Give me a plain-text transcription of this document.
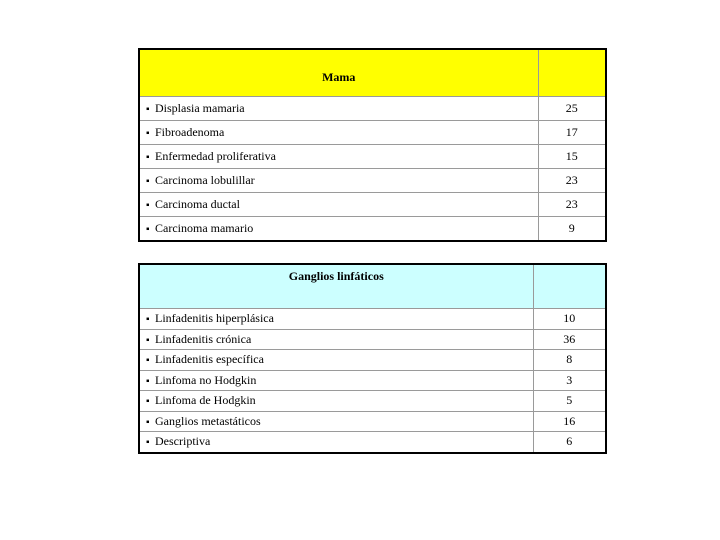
Mama	
▪ Displasia mamaria	25
▪ Fibroadenoma	17
▪ Enfermedad proliferativa	15
▪ Carcinoma lobulillar	23
▪ Carcinoma ductal	23
▪ Carcinoma mamario	9
Ganglios linfáticos	
▪ Linfadenitis hiperplásica	10
▪ Linfadenitis crónica	36
▪ Linfadenitis específica	8
▪ Linfoma no Hodgkin	3
▪ Linfoma de Hodgkin	5
▪ Ganglios metastáticos	16
▪ Descriptiva	6
